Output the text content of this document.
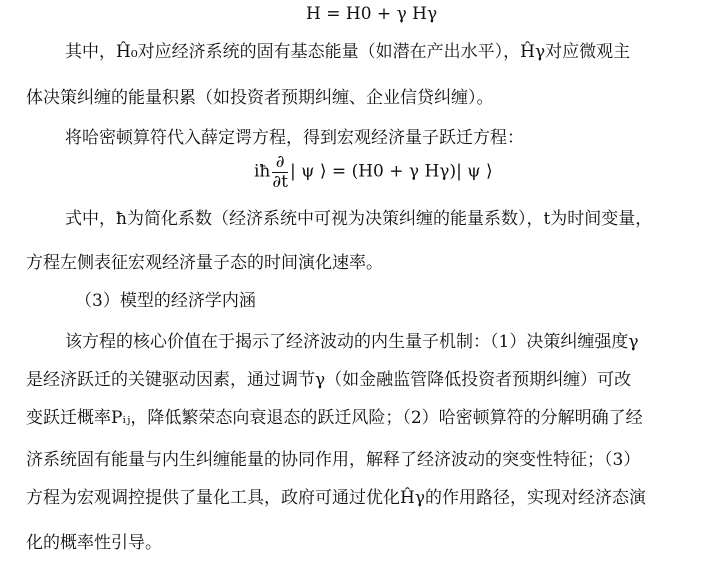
H = H0 + γ Hγ
其中，Ĥ₀对应经济系统的固有基态能量（如潜在产出水平），Ĥγ对应微观主
体决策纠缠的能量积累（如投资者预期纠缠、企业信贷纠缠）。
将哈密顿算符代入薛定谔方程，得到宏观经济量子跃迁方程：
iħ $\frac{\partial}{\partial t}$ | ψ ⟩ = (H0 + γ Hγ)| ψ ⟩
式中，ħ为简化系数（经济系统中可视为决策纠缠的能量系数），t为时间变量，
方程左侧表征宏观经济量子态的时间演化速率。
（3）模型的经济学内涵
该方程的核心价值在于揭示了经济波动的内生量子机制：（1）决策纠缠强度γ
是经济跃迁的关键驱动因素，通过调节γ（如金融监管降低投资者预期纠缠）可改
变跃迁概率Pᵢⱼ，降低繁荣态向衰退态的跃迁风险；（2）哈密顿算符的分解明确了经
济系统固有能量与内生纠缠能量的协同作用，解释了经济波动的突变性特征；（3）
方程为宏观调控提供了量化工具，政府可通过优化Ĥγ的作用路径，实现对经济态演
化的概率性引导。
